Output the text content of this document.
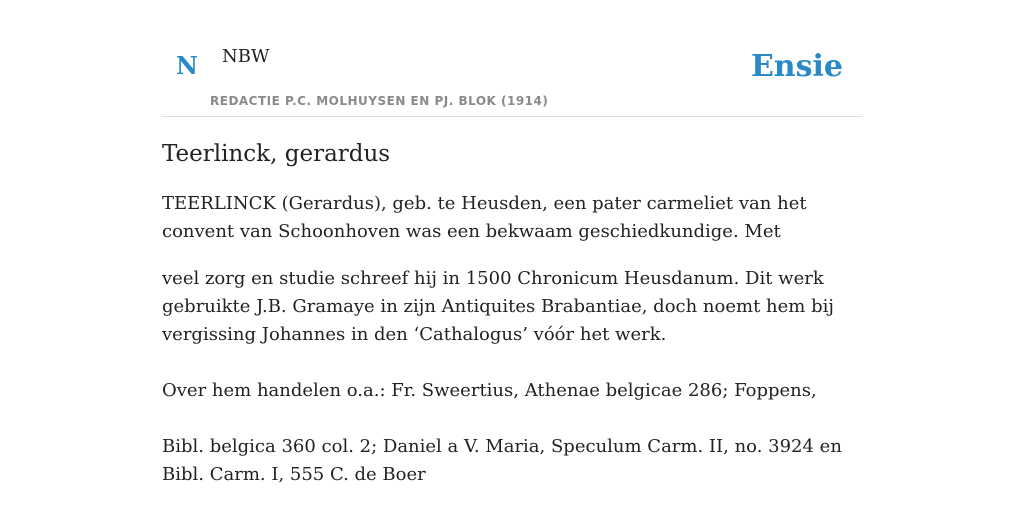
N NBW
REDACTIE P.C. MOLHUYSEN EN PJ. BLOK (1914)
Ensie
Teerlinck, gerardus

TEERLINCK (Gerardus), geb. te Heusden, een pater carmeliet van het convent van Schoonhoven was een bekwaam geschiedkundige. Met

veel zorg en studie schreef hij in 1500 Chronicum Heusdanum. Dit werk gebruikte J.B. Gramaye in zijn Antiquites Brabantiae, doch noemt hem bij vergissing Johannes in den ‘Cathalogus’ vóór het werk.

Over hem handelen o.a.: Fr. Sweertius, Athenae belgicae 286; Foppens,

Bibl. belgica 360 col. 2; Daniel a V. Maria, Speculum Carm. II, no. 3924 en Bibl. Carm. I, 555 C. de Boer
